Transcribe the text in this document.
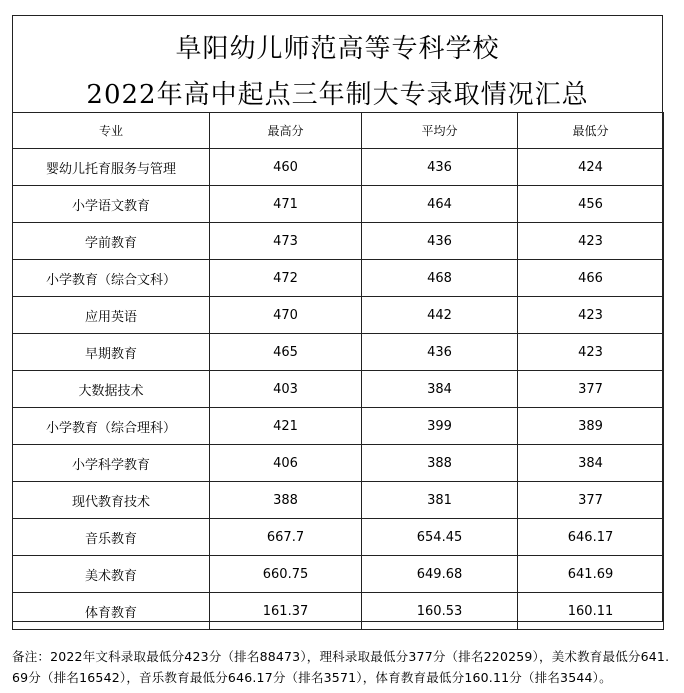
阜阳幼儿师范高等专科学校
2022年高中起点三年制大专录取情况汇总
专业	最高分	平均分	最低分
婴幼儿托育服务与管理	460	436	424
小学语文教育	471	464	456
学前教育	473	436	423
小学教育（综合文科）	472	468	466
应用英语	470	442	423
早期教育	465	436	423
大数据技术	403	384	377
小学教育（综合理科）	421	399	389
小学科学教育	406	388	384
现代教育技术	388	381	377
音乐教育	667.7	654.45	646.17
美术教育	660.75	649.68	641.69
体育教育	161.37	160.53	160.11
备注：2022年文科录取最低分423分（排名88473），理科录取最低分377分（排名220259），美术教育最低分641.69分（排名16542），音乐教育最低分646.17分（排名3571），体育教育最低分160.11分（排名3544）。
